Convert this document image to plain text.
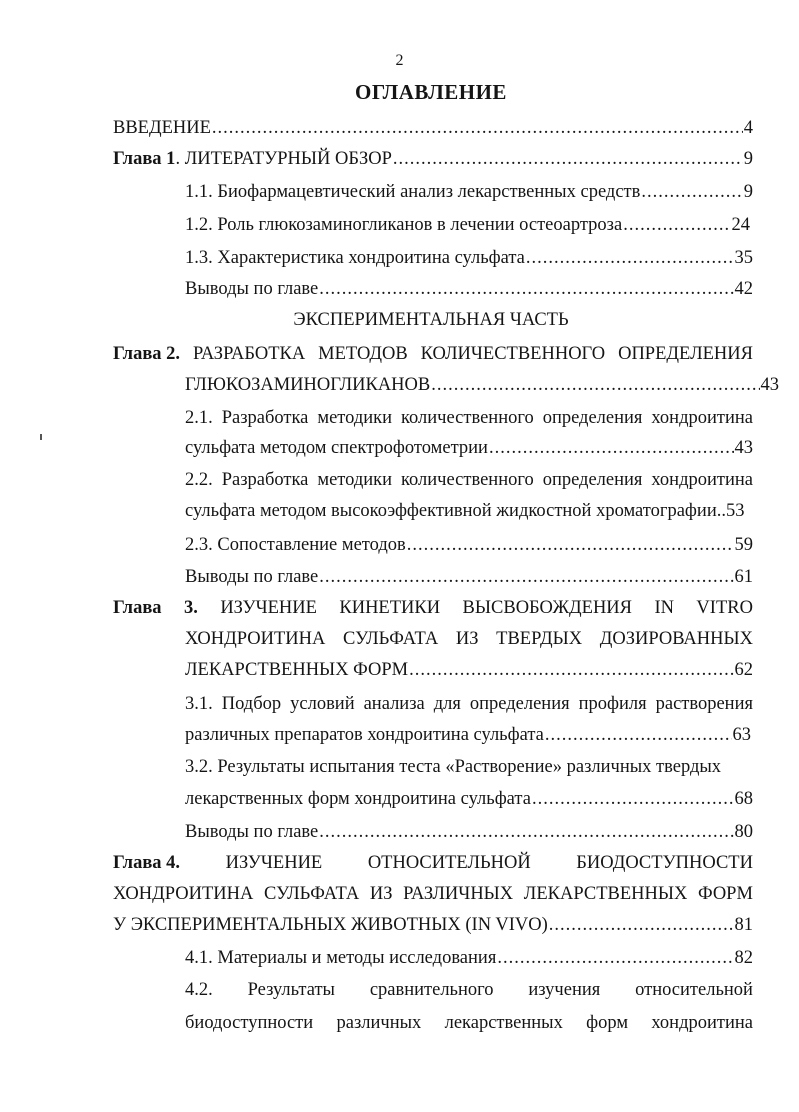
2
ОГЛАВЛЕНИЕ
ВВЕДЕНИЕ .....	4
Глава 1. ЛИТЕРАТУРНЫЙ ОБЗОР .....	9
1.1. Биофармацевтический анализ лекарственных средств .....	9
1.2. Роль глюкозаминогликанов в лечении остеоартроза .....	24
1.3. Характеристика хондроитина сульфата .....	35
Выводы по главе .....	42
ЭКСПЕРИМЕНТАЛЬНАЯ ЧАСТЬ
Глава 2. РАЗРАБОТКА МЕТОДОВ КОЛИЧЕСТВЕННОГО ОПРЕДЕЛЕНИЯ
ГЛЮКОЗАМИНОГЛИКАНОВ .....	43
2.1. Разработка методики количественного определения хондроитина
сульфата методом спектрофотометрии .....	43
2.2. Разработка методики количественного определения хондроитина
сульфата методом высокоэффективной жидкостной хроматографии..53
2.3. Сопоставление методов .....	59
Выводы по главе .....	61
Глава 3. ИЗУЧЕНИЕ КИНЕТИКИ ВЫСВОБОЖДЕНИЯ IN VITRO
ХОНДРОИТИНА СУЛЬФАТА ИЗ ТВЕРДЫХ ДОЗИРОВАННЫХ
ЛЕКАРСТВЕННЫХ ФОРМ .....	62
3.1. Подбор условий анализа для определения профиля растворения
различных препаратов хондроитина сульфата .....	63
3.2. Результаты испытания теста «Растворение» различных твердых
лекарственных форм хондроитина сульфата .....	68
Выводы по главе .....	80
Глава 4. ИЗУЧЕНИЕ ОТНОСИТЕЛЬНОЙ БИОДОСТУПНОСТИ
ХОНДРОИТИНА СУЛЬФАТА ИЗ РАЗЛИЧНЫХ ЛЕКАРСТВЕННЫХ ФОРМ
У ЭКСПЕРИМЕНТАЛЬНЫХ ЖИВОТНЫХ (IN VIVO) .....	81
4.1. Материалы и методы исследования .....	82
4.2. Результаты сравнительного изучения относительной
биодоступности различных лекарственных форм хондроитина
